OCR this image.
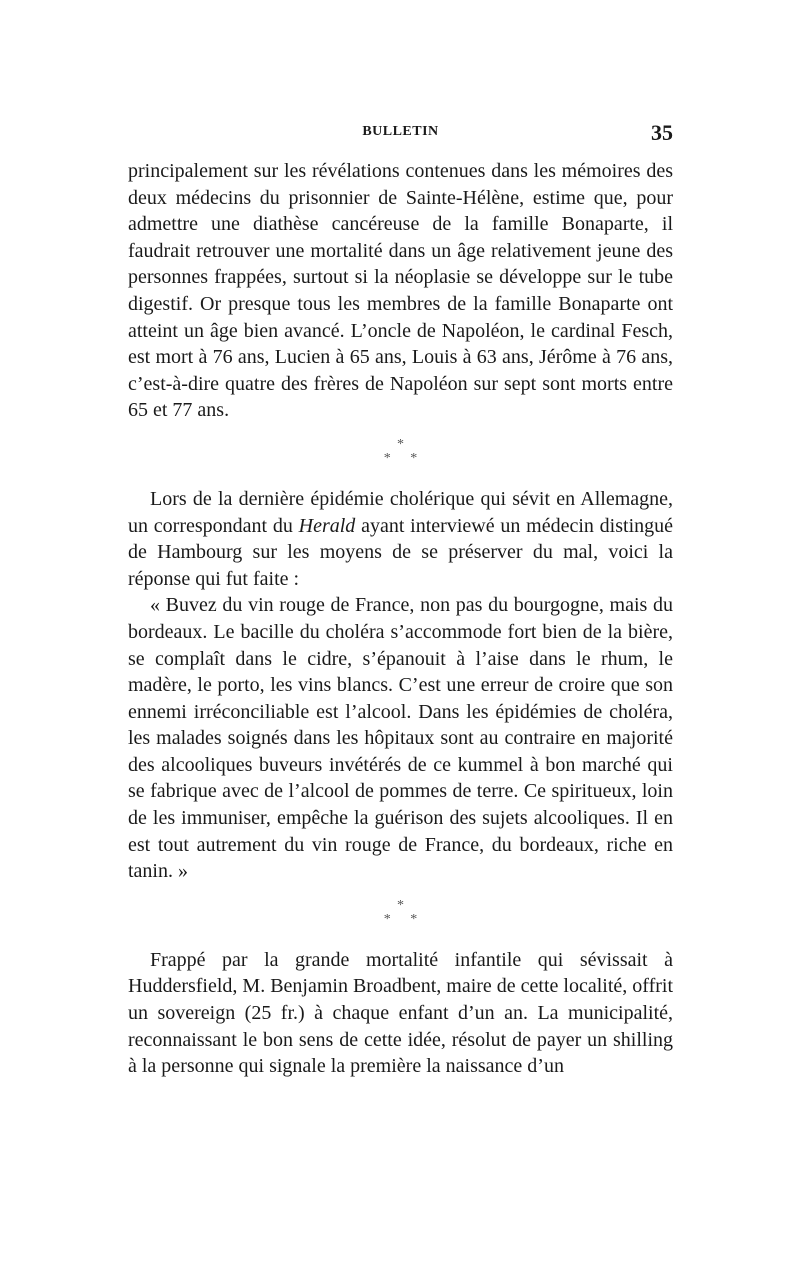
BULLETIN	35

principalement sur les révélations contenues dans les mémoires des deux médecins du prisonnier de Sainte-Hélène, estime que, pour admettre une diathèse cancéreuse de la famille Bonaparte, il faudrait retrouver une mortalité dans un âge relativement jeune des personnes frappées, surtout si la néoplasie se développe sur le tube digestif. Or presque tous les membres de la famille Bonaparte ont atteint un âge bien avancé. L’oncle de Napoléon, le cardinal Fesch, est mort à 76 ans, Lucien à 65 ans, Louis à 63 ans, Jérôme à 76 ans, c’est-à-dire quatre des frères de Napoléon sur sept sont morts entre 65 et 77 ans.

*
* *

Lors de la dernière épidémie cholérique qui sévit en Allemagne, un correspondant du Herald ayant interviewé un médecin distingué de Hambourg sur les moyens de se préserver du mal, voici la réponse qui fut faite :

« Buvez du vin rouge de France, non pas du bourgogne, mais du bordeaux. Le bacille du choléra s’accommode fort bien de la bière, se complaît dans le cidre, s’épanouit à l’aise dans le rhum, le madère, le porto, les vins blancs. C’est une erreur de croire que son ennemi irréconciliable est l’alcool. Dans les épidémies de choléra, les malades soignés dans les hôpitaux sont au contraire en majorité des alcooliques buveurs invétérés de ce kummel à bon marché qui se fabrique avec de l’alcool de pommes de terre. Ce spiritueux, loin de les immuniser, empêche la guérison des sujets alcooliques. Il en est tout autrement du vin rouge de France, du bordeaux, riche en tanin. »

*
* *

Frappé par la grande mortalité infantile qui sévissait à Huddersfield, M. Benjamin Broadbent, maire de cette localité, offrit un sovereign (25 fr.) à chaque enfant d’un an. La municipalité, reconnaissant le bon sens de cette idée, résolut de payer un shilling à la personne qui signale la première la naissance d’un
